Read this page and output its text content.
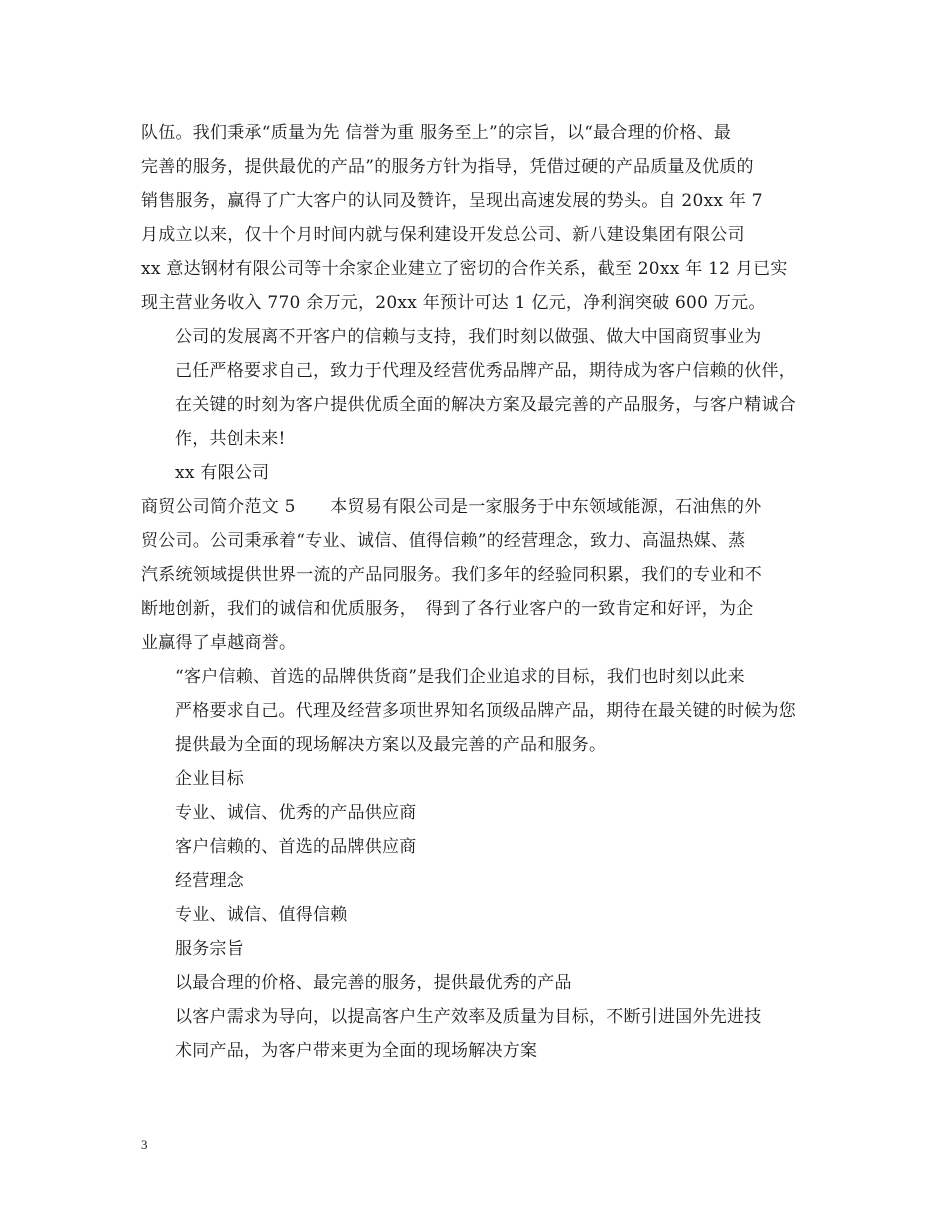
队伍。我们秉承“质量为先 信誉为重 服务至上”的宗旨，以“最合理的价格、最
完善的服务，提供最优的产品”的服务方针为指导，凭借过硬的产品质量及优质的
销售服务，赢得了广大客户的认同及赞许，呈现出高速发展的势头。自 20xx 年 7
月成立以来，仅十个月时间内就与保利建设开发总公司、新八建设集团有限公司
xx 意达钢材有限公司等十余家企业建立了密切的合作关系，截至 20xx 年 12 月已实
现主营业务收入 770 余万元，20xx 年预计可达 1 亿元，净利润突破 600 万元。

公司的发展离不开客户的信赖与支持，我们时刻以做强、做大中国商贸事业为
己任严格要求自己，致力于代理及经营优秀品牌产品，期待成为客户信赖的伙伴，
在关键的时刻为客户提供优质全面的解决方案及最完善的产品服务，与客户精诚合
作，共创未来!

xx 有限公司

商贸公司简介范文 5　　本贸易有限公司是一家服务于中东领域能源，石油焦的外
贸公司。公司秉承着“专业、诚信、值得信赖”的经营理念，致力、高温热媒、蒸
汽系统领域提供世界一流的产品同服务。我们多年的经验同积累，我们的专业和不
断地创新，我们的诚信和优质服务，　得到了各行业客户的一致肯定和好评，为企
业赢得了卓越商誉。

“客户信赖、首选的品牌供货商”是我们企业追求的目标，我们也时刻以此来
严格要求自己。代理及经营多项世界知名顶级品牌产品，期待在最关键的时候为您
提供最为全面的现场解决方案以及最完善的产品和服务。

企业目标

专业、诚信、优秀的产品供应商

客户信赖的、首选的品牌供应商

经营理念

专业、诚信、值得信赖

服务宗旨

以最合理的价格、最完善的服务，提供最优秀的产品

以客户需求为导向，以提高客户生产效率及质量为目标，不断引进国外先进技
术同产品，为客户带来更为全面的现场解决方案

3
